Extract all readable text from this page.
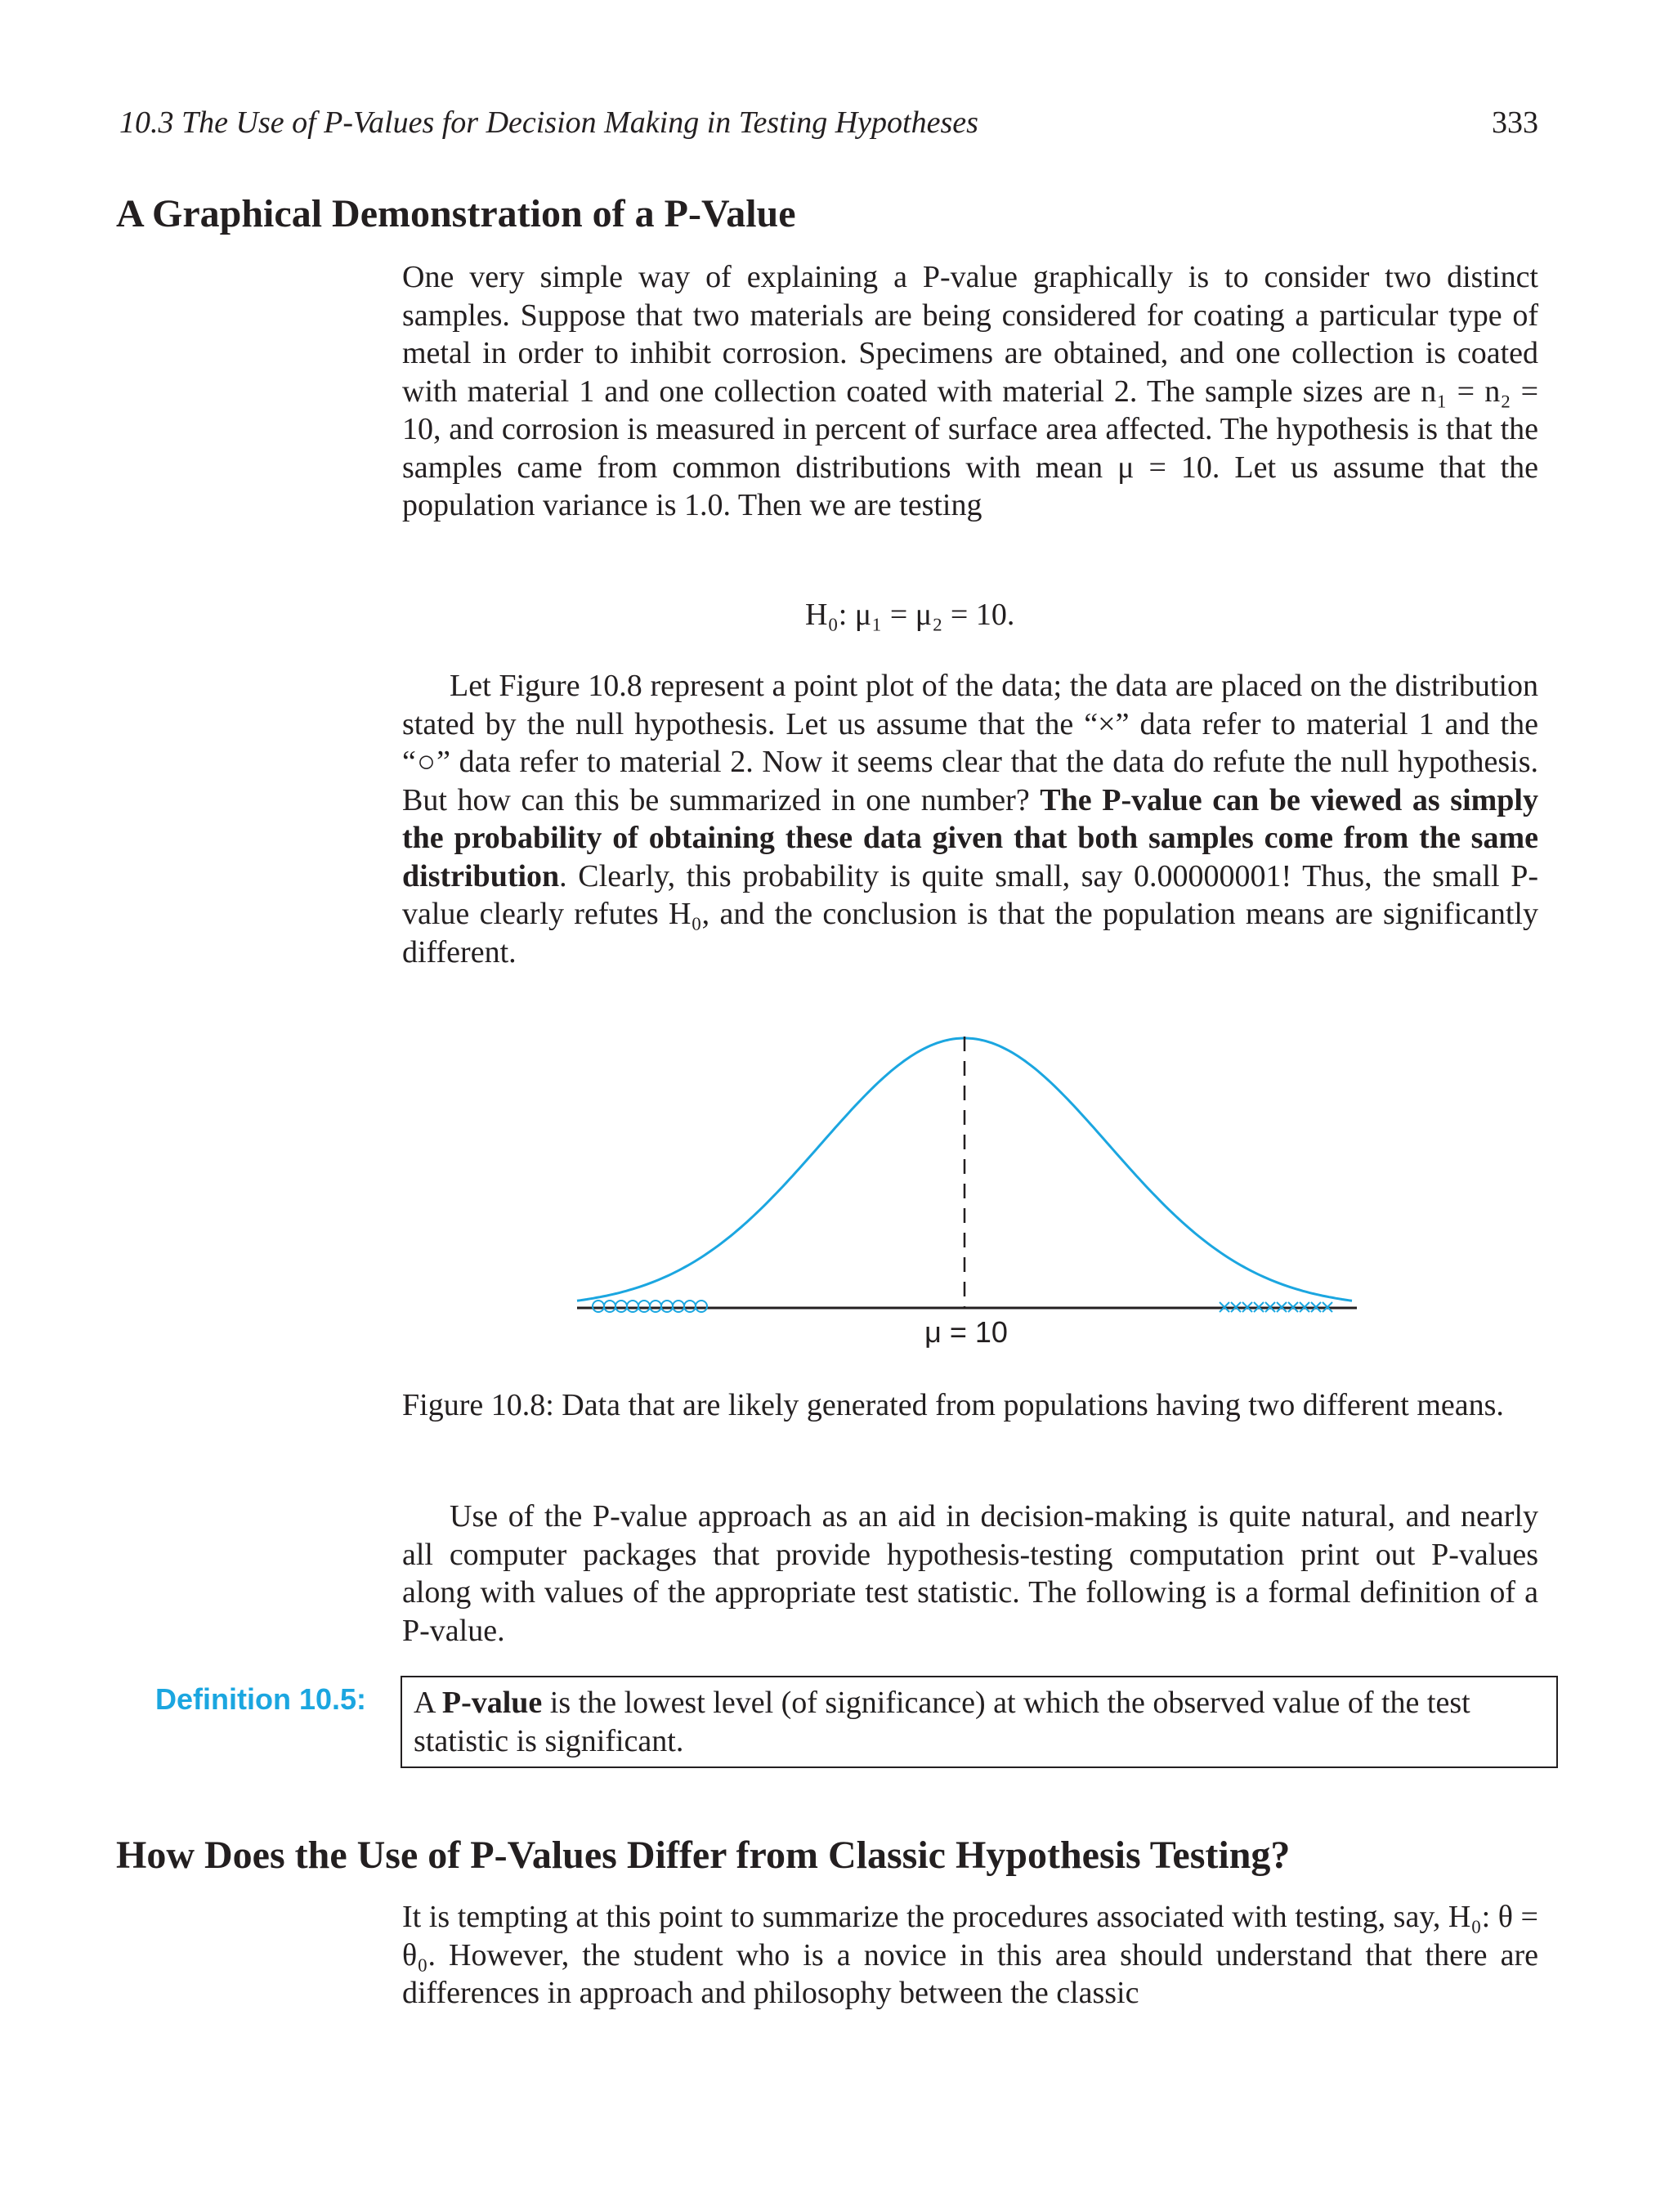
10.3 The Use of P-Values for Decision Making in Testing Hypotheses	333
A Graphical Demonstration of a P-Value

One very simple way of explaining a P-value graphically is to consider two distinct samples. Suppose that two materials are being considered for coating a particular type of metal in order to inhibit corrosion. Specimens are obtained, and one collection is coated with material 1 and one collection coated with material 2. The sample sizes are n₁ = n₂ = 10, and corrosion is measured in percent of surface area affected. The hypothesis is that the samples came from common distributions with mean μ = 10. Let us assume that the population variance is 1.0. Then we are testing

H₀: μ₁ = μ₂ = 10.

Let Figure 10.8 represent a point plot of the data; the data are placed on the distribution stated by the null hypothesis. Let us assume that the “×” data refer to material 1 and the “○” data refer to material 2. Now it seems clear that the data do refute the null hypothesis. But how can this be summarized in one number? The P-value can be viewed as simply the probability of obtaining these data given that both samples come from the same distribution. Clearly, this probability is quite small, say 0.00000001! Thus, the small P-value clearly refutes H₀, and the conclusion is that the population means are significantly different.

μ = 10
Figure 10.8: Data that are likely generated from populations having two different means.

Use of the P-value approach as an aid in decision-making is quite natural, and nearly all computer packages that provide hypothesis-testing computation print out P-values along with values of the appropriate test statistic. The following is a formal definition of a P-value.

Definition 10.5:	A P-value is the lowest level (of significance) at which the observed value of the test statistic is significant.
How Does the Use of P-Values Differ from Classic Hypothesis Testing?

It is tempting at this point to summarize the procedures associated with testing, say, H₀: θ = θ₀. However, the student who is a novice in this area should understand that there are differences in approach and philosophy between the classic
